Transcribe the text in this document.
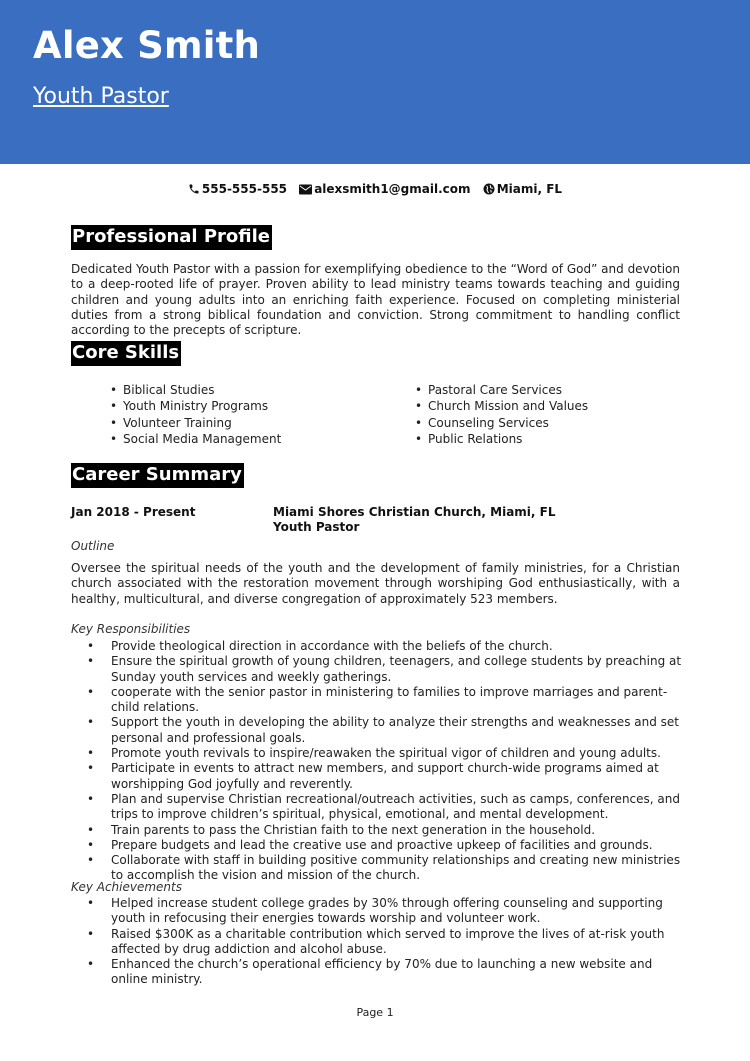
Alex Smith
Youth Pastor
555-555-555 alexsmith1@gmail.com Miami, FL
Professional Profile
Dedicated Youth Pastor with a passion for exemplifying obedience to the “Word of God” and devotion to a deep-rooted life of prayer. Proven ability to lead ministry teams towards teaching and guiding children and young adults into an enriching faith experience. Focused on completing ministerial duties from a strong biblical foundation and conviction. Strong commitment to handling conflict according to the precepts of scripture.
Core Skills
• Biblical Studies
• Youth Ministry Programs
• Volunteer Training
• Social Media Management
• Pastoral Care Services
• Church Mission and Values
• Counseling Services
• Public Relations
Career Summary
Jan 2018 - Present	Miami Shores Christian Church, Miami, FL
Youth Pastor
Outline
Oversee the spiritual needs of the youth and the development of family ministries, for a Christian church associated with the restoration movement through worshiping God enthusiastically, with a healthy, multicultural, and diverse congregation of approximately 523 members.
Key Responsibilities
• Provide theological direction in accordance with the beliefs of the church.
• Ensure the spiritual growth of young children, teenagers, and college students by preaching at Sunday youth services and weekly gatherings.
• cooperate with the senior pastor in ministering to families to improve marriages and parent-child relations.
• Support the youth in developing the ability to analyze their strengths and weaknesses and set personal and professional goals.
• Promote youth revivals to inspire/reawaken the spiritual vigor of children and young adults.
• Participate in events to attract new members, and support church-wide programs aimed at worshipping God joyfully and reverently.
• Plan and supervise Christian recreational/outreach activities, such as camps, conferences, and trips to improve children’s spiritual, physical, emotional, and mental development.
• Train parents to pass the Christian faith to the next generation in the household.
• Prepare budgets and lead the creative use and proactive upkeep of facilities and grounds.
• Collaborate with staff in building positive community relationships and creating new ministries to accomplish the vision and mission of the church.
Key Achievements
• Helped increase student college grades by 30% through offering counseling and supporting youth in refocusing their energies towards worship and volunteer work.
• Raised $300K as a charitable contribution which served to improve the lives of at-risk youth affected by drug addiction and alcohol abuse.
• Enhanced the church’s operational efficiency by 70% due to launching a new website and online ministry.
Page 1
